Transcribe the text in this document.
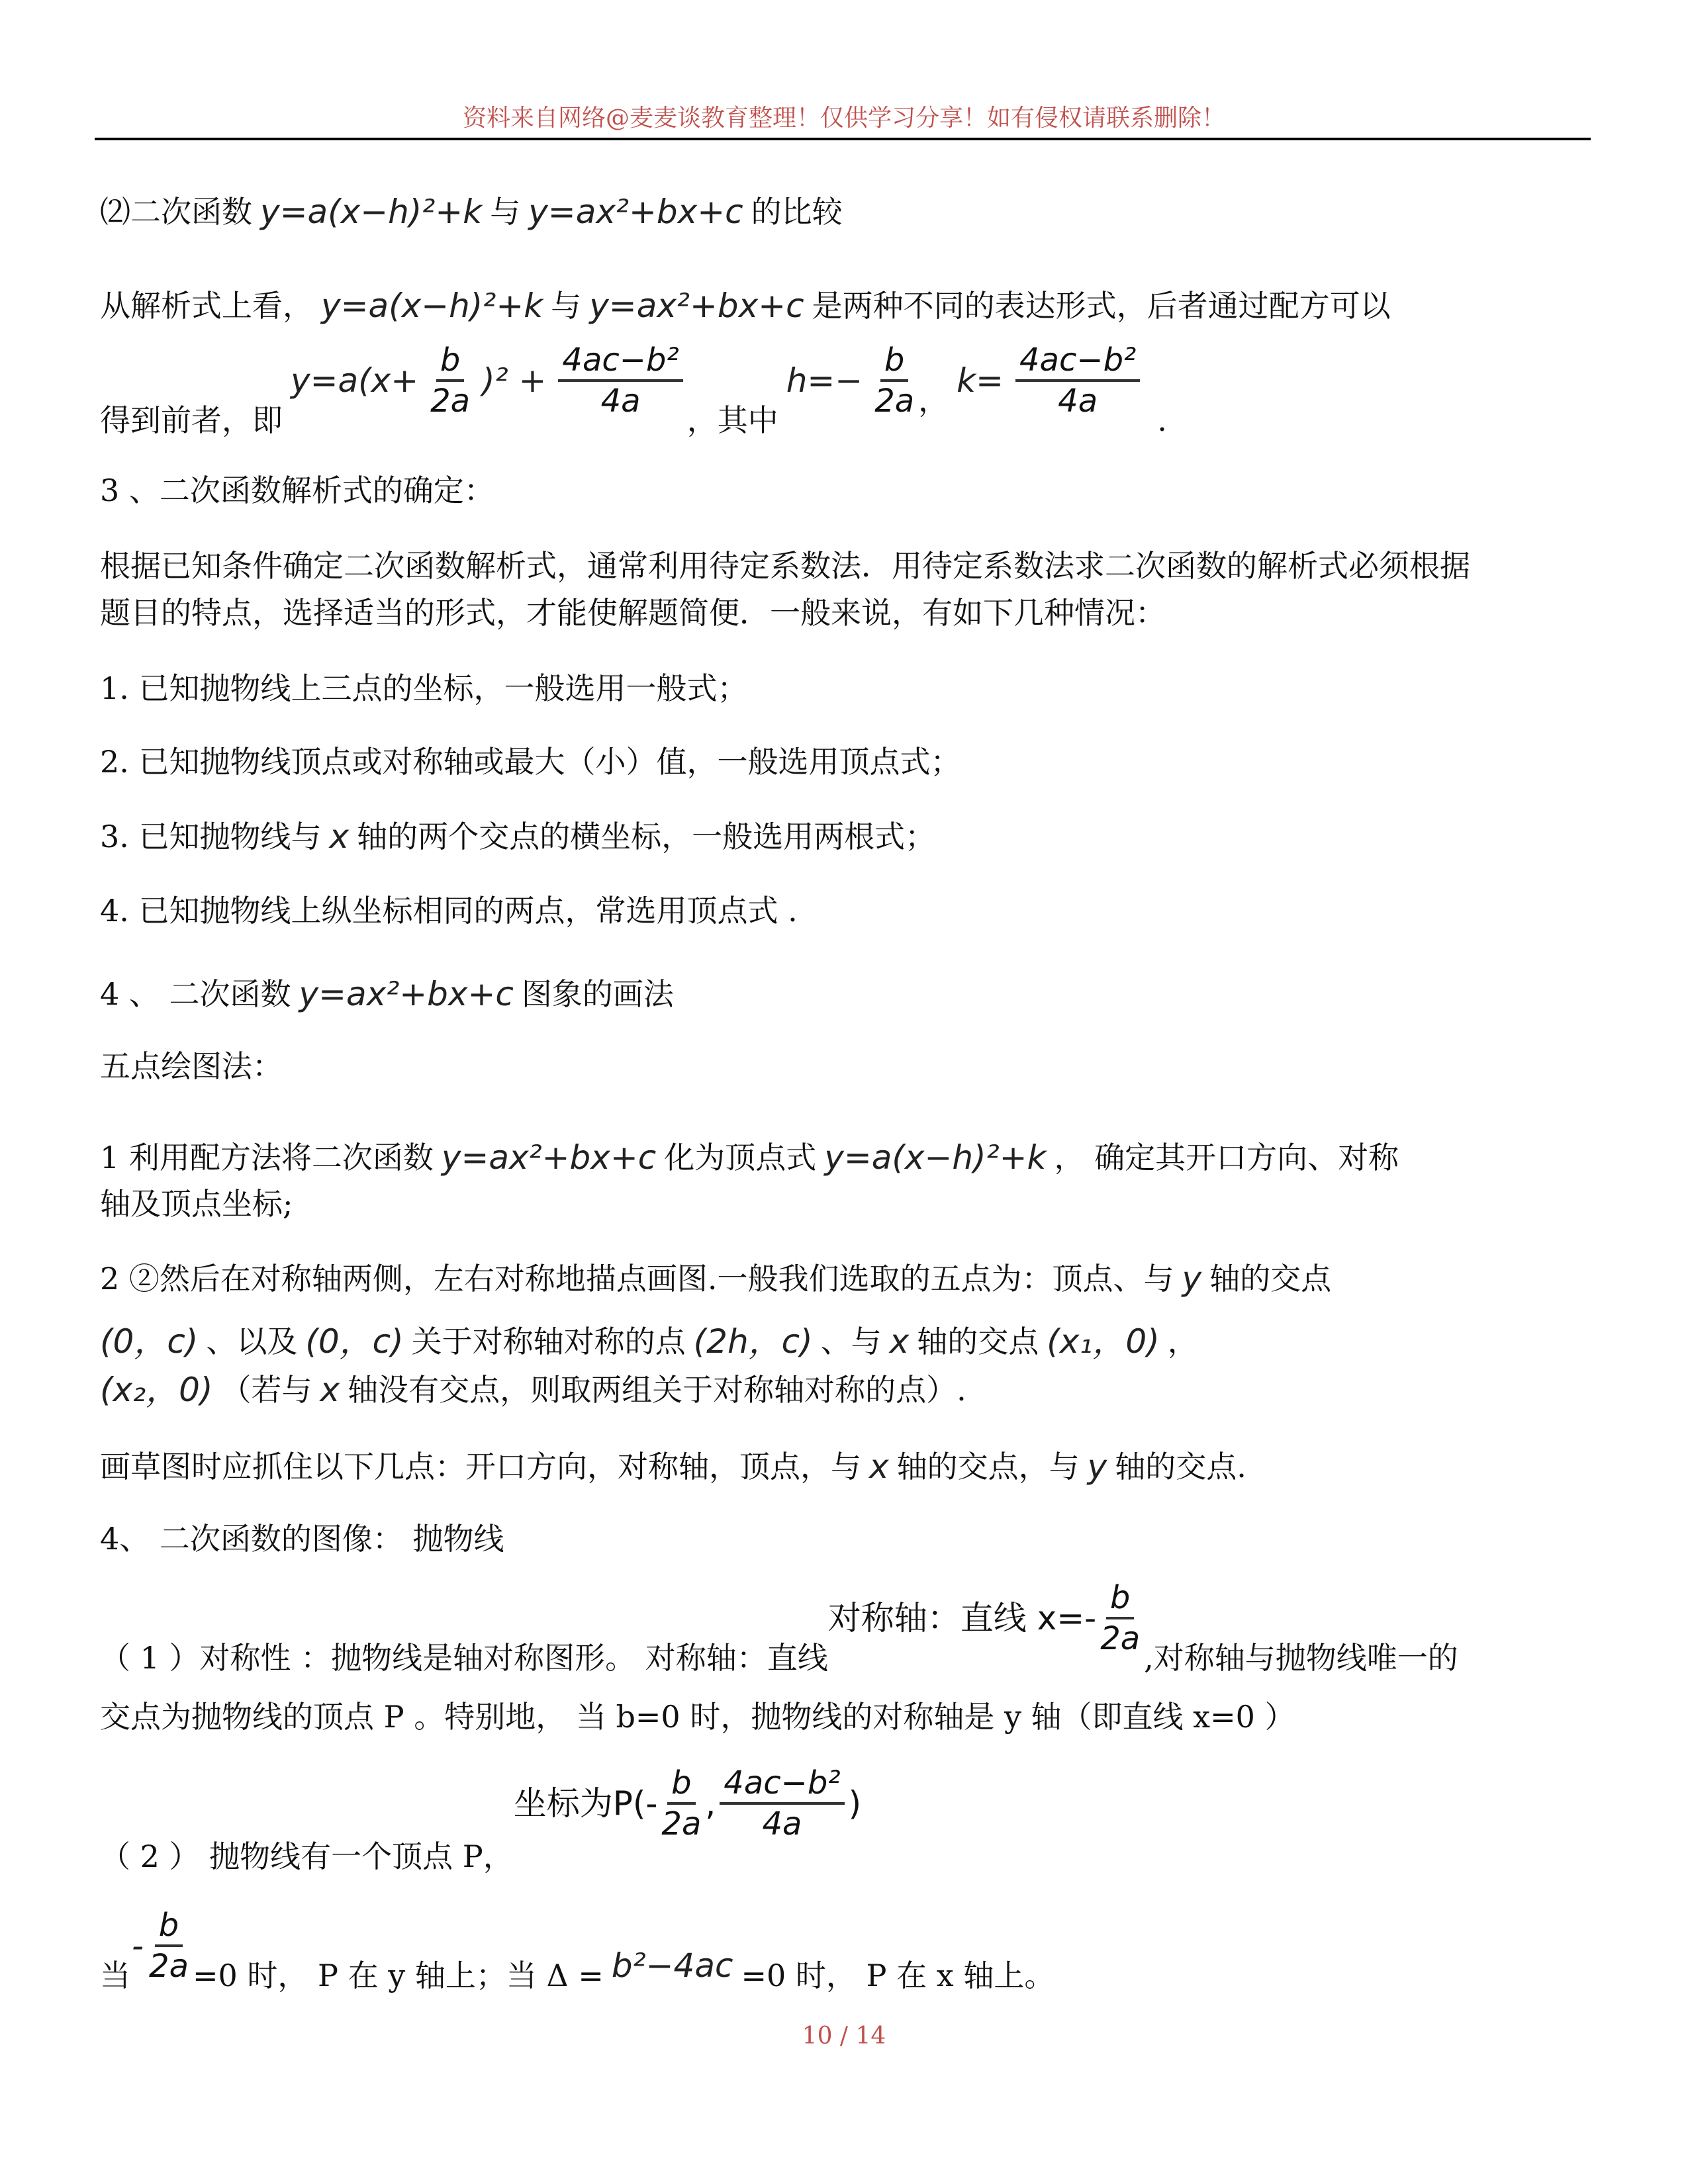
资料来自网络@麦麦谈教育整理！仅供学习分享！如有侵权请联系删除！
⑵二次函数 y=a(x−h)²+k 与 y=ax²+bx+c 的比较
从解析式上看， y=a(x−h)²+k 与 y=ax²+bx+c 是两种不同的表达形式，后者通过配方可以
得到前者，即
$y=a(x+ \frac{b}{2a} )^2 + \frac{\text{4ac−b²}}{4a}$ ，其中
$h=- \frac{b}{2a}$ ，
$k= \frac{\text{4ac−b²}}{4a}$ .
3 、二次函数解析式的确定：
根据已知条件确定二次函数解析式，通常利用待定系数法．用待定系数法求二次函数的解析式必须根据
题目的特点，选择适当的形式，才能使解题简便．一般来说，有如下几种情况：
1. 已知抛物线上三点的坐标，一般选用一般式；
2. 已知抛物线顶点或对称轴或最大（小）值，一般选用顶点式；
3. 已知抛物线与 x 轴的两个交点的横坐标，一般选用两根式；
4. 已知抛物线上纵坐标相同的两点，常选用顶点式 .
4 、 二次函数 y=ax²+bx+c 图象的画法
五点绘图法：
1 利用配方法将二次函数 y=ax²+bx+c 化为顶点式 y=a(x−h)²+k ， 确定其开口方向、对称
轴及顶点坐标;
2 ②然后在对称轴两侧，左右对称地描点画图.一般我们选取的五点为：顶点、与 y 轴的交点
(0，c) 、以及 (0，c) 关于对称轴对称的点 (2h，c) 、与 x 轴的交点 (x₁，0) ，
(x₂，0) （若与 x 轴没有交点，则取两组关于对称轴对称的点）.
画草图时应抓住以下几点：开口方向，对称轴，顶点，与 x 轴的交点，与 y 轴的交点.
4、 二次函数的图像： 抛物线
（ 1 ）对称性 ：抛物线是轴对称图形。 对称轴：直线
对称轴：直线 $x=- \frac{b}{2a}$ ,对称轴与抛物线唯一的
交点为抛物线的顶点 P 。特别地， 当 b=0 时，抛物线的对称轴是 y 轴（即直线 x=0 ）
（ 2 ） 抛物线有一个顶点 P，
坐标为$P(- \frac{b}{2a}$ , $\frac{\text{4ac−b²}}{4a}$ )
当
- $\frac{b}{2a} =0$ 时， P 在 y 轴上；当 Δ = b²−4ac =0 时， P 在 x 轴上。
10 / 14
